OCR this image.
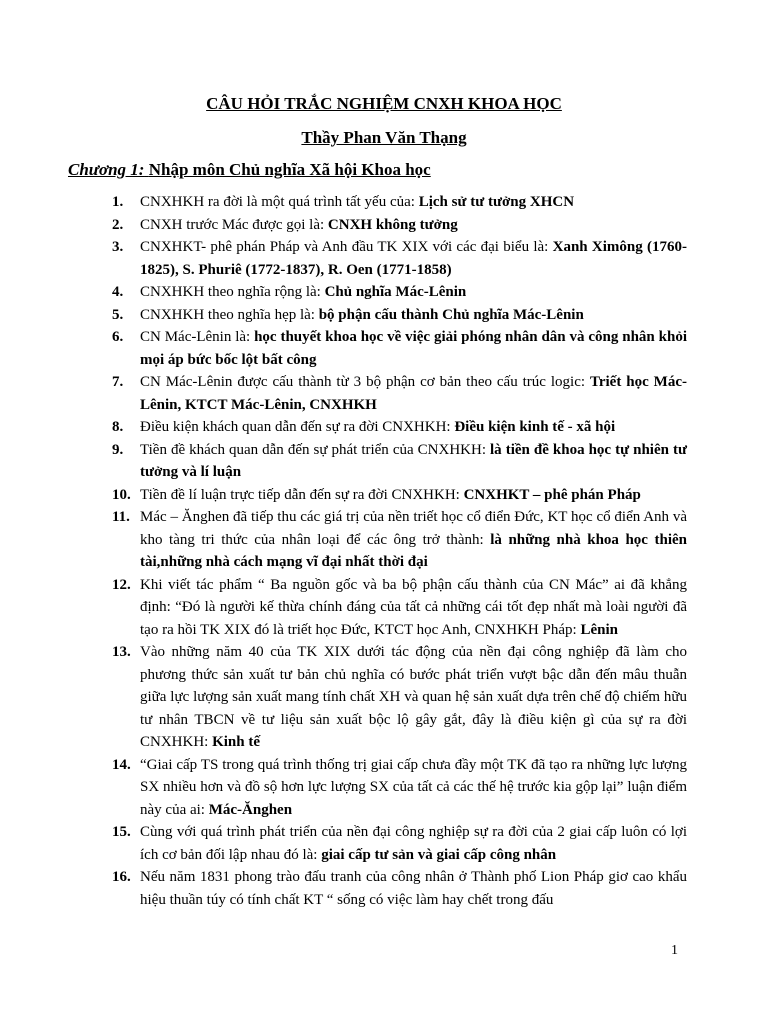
CÂU HỎI TRẮC NGHIỆM CNXH KHOA HỌC
Thầy Phan Văn Thạng
Chương 1: Nhập môn Chủ nghĩa Xã hội Khoa học
1. CNXHKH ra đời là một quá trình tất yếu của: Lịch sử tư tưởng XHCN
2. CNXH trước Mác được gọi là: CNXH không tưởng
3. CNXHKT- phê phán Pháp và Anh đầu TK XIX với các đại biểu là: Xanh Ximông (1760-1825), S. Phuriê (1772-1837), R. Oen (1771-1858)
4. CNXHKH theo nghĩa rộng là: Chủ nghĩa Mác-Lênin
5. CNXHKH theo nghĩa hẹp là: bộ phận cấu thành Chủ nghĩa Mác-Lênin
6. CN Mác-Lênin là: học thuyết khoa học về việc giải phóng nhân dân và công nhân khỏi mọi áp bức bốc lột bất công
7. CN Mác-Lênin được cấu thành từ 3 bộ phận cơ bản theo cấu trúc logic: Triết học Mác-Lênin, KTCT Mác-Lênin, CNXHKH
8. Điều kiện khách quan dẫn đến sự ra đời CNXHKH: Điều kiện kinh tế - xã hội
9. Tiền đề khách quan dẫn đến sự phát triển của CNXHKH: là tiền đề khoa học tự nhiên tư tưởng và lí luận
10. Tiền đề lí luận trực tiếp dẫn đến sự ra đời CNXHKH: CNXHKT – phê phán Pháp
11. Mác – Ănghen đã tiếp thu các giá trị của nền triết học cổ điển Đức, KT học cổ điển Anh và kho tàng tri thức của nhân loại để các ông trở thành: là những nhà khoa học thiên tài,những nhà cách mạng vĩ đại nhất thời đại
12. Khi viết tác phẩm “ Ba nguồn gốc và ba bộ phận cấu thành của CN Mác” ai đã khẳng định: “Đó là người kế thừa chính đáng của tất cả những cái tốt đẹp nhất mà loài người đã tạo ra hồi TK XIX đó là triết học Đức, KTCT học Anh, CNXHKH Pháp: Lênin
13. Vào những năm 40 của TK XIX dưới tác động của nền đại công nghiệp đã làm cho phương thức sản xuất tư bản chủ nghĩa có bước phát triển vượt bậc dẫn đến mâu thuẫn giữa lực lượng sản xuất mang tính chất XH và quan hệ sản xuất dựa trên chế độ chiếm hữu tư nhân TBCN về tư liệu sản xuất bộc lộ gây gắt, đây là điều kiện gì của sự ra đời CNXHKH: Kinh tế
14. “Giai cấp TS trong quá trình thống trị giai cấp chưa đầy một TK đã tạo ra những lực lượng SX nhiều hơn và đồ sộ hơn lực lượng SX của tất cả các thế hệ trước kia gộp lại” luận điểm này của ai: Mác-Ănghen
15. Cùng với quá trình phát triển của nền đại công nghiệp sự ra đời của 2 giai cấp luôn có lợi ích cơ bản đối lập nhau đó là: giai cấp tư sản và giai cấp công nhân
16. Nếu năm 1831 phong trào đấu tranh của công nhân ở Thành phố Lion Pháp giơ cao khẩu hiệu thuần túy có tính chất KT “ sống có việc làm hay chết trong đấu
1
